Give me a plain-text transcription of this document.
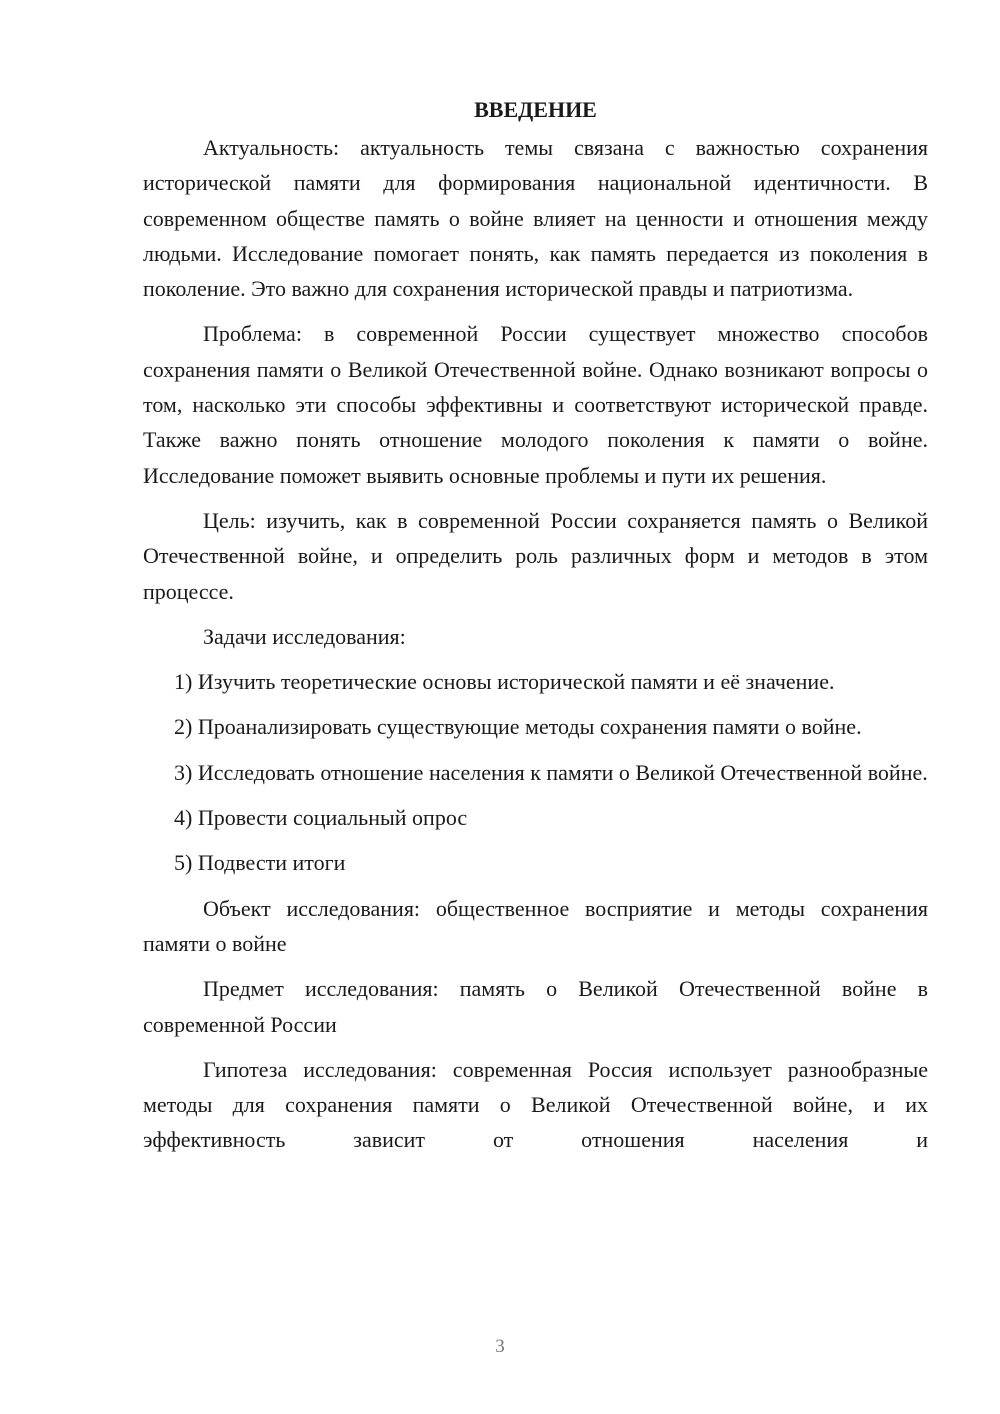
ВВЕДЕНИЕ

Актуальность: актуальность темы связана с важностью сохранения исторической памяти для формирования национальной идентичности. В современном обществе память о войне влияет на ценности и отношения между людьми. Исследование помогает понять, как память передается из поколения в поколение. Это важно для сохранения исторической правды и патриотизма.

Проблема: в современной России существует множество способов сохранения памяти о Великой Отечественной войне. Однако возникают вопросы о том, насколько эти способы эффективны и соответствуют исторической правде. Также важно понять отношение молодого поколения к памяти о войне. Исследование поможет выявить основные проблемы и пути их решения.

Цель: изучить, как в современной России сохраняется память о Великой Отечественной войне, и определить роль различных форм и методов в этом процессе.

Задачи исследования:

1) Изучить теоретические основы исторической памяти и её значение.

2) Проанализировать существующие методы сохранения памяти о войне.

3) Исследовать отношение населения к памяти о Великой Отечественной войне.

4) Провести социальный опрос

5) Подвести итоги

Объект исследования: общественное восприятие и методы сохранения памяти о войне

Предмет исследования: память о Великой Отечественной войне в современной России

Гипотеза исследования: современная Россия использует разнообразные методы для сохранения памяти о Великой Отечественной войне, и их эффективность зависит от отношения населения и

3
